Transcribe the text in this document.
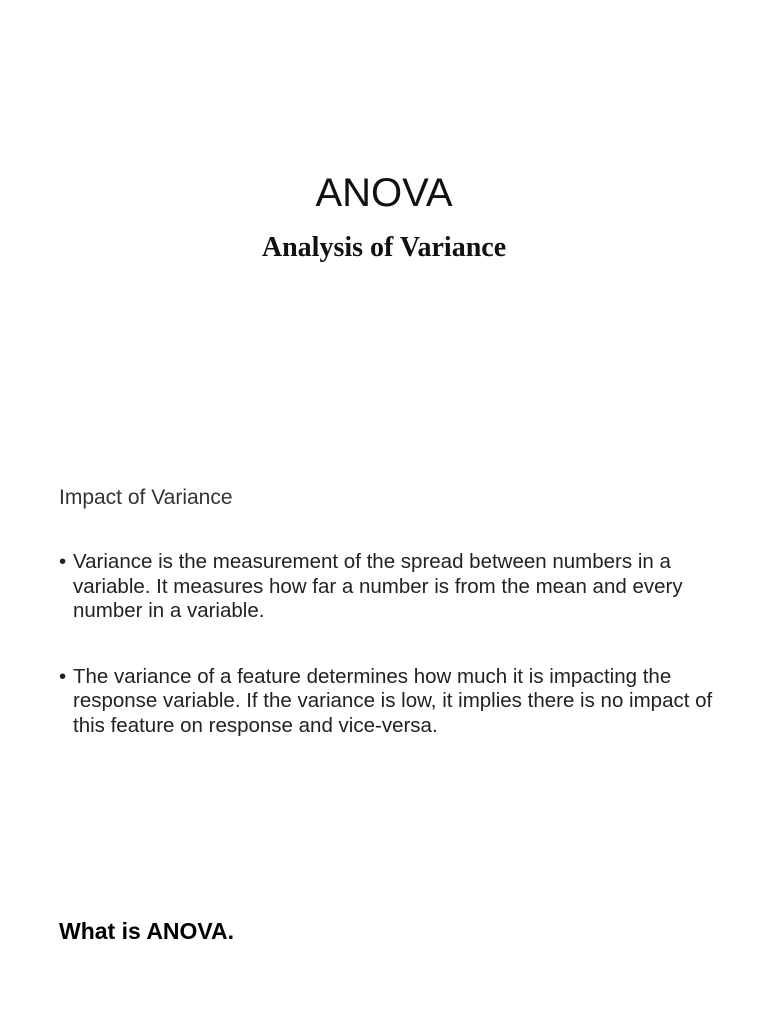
ANOVA
Analysis of Variance
Impact of Variance
• Variance is the measurement of the spread between numbers in a variable. It measures how far a number is from the mean and every number in a variable.
• The variance of a feature determines how much it is impacting the response variable. If the variance is low, it implies there is no impact of this feature on response and vice-versa.
What is ANOVA.
